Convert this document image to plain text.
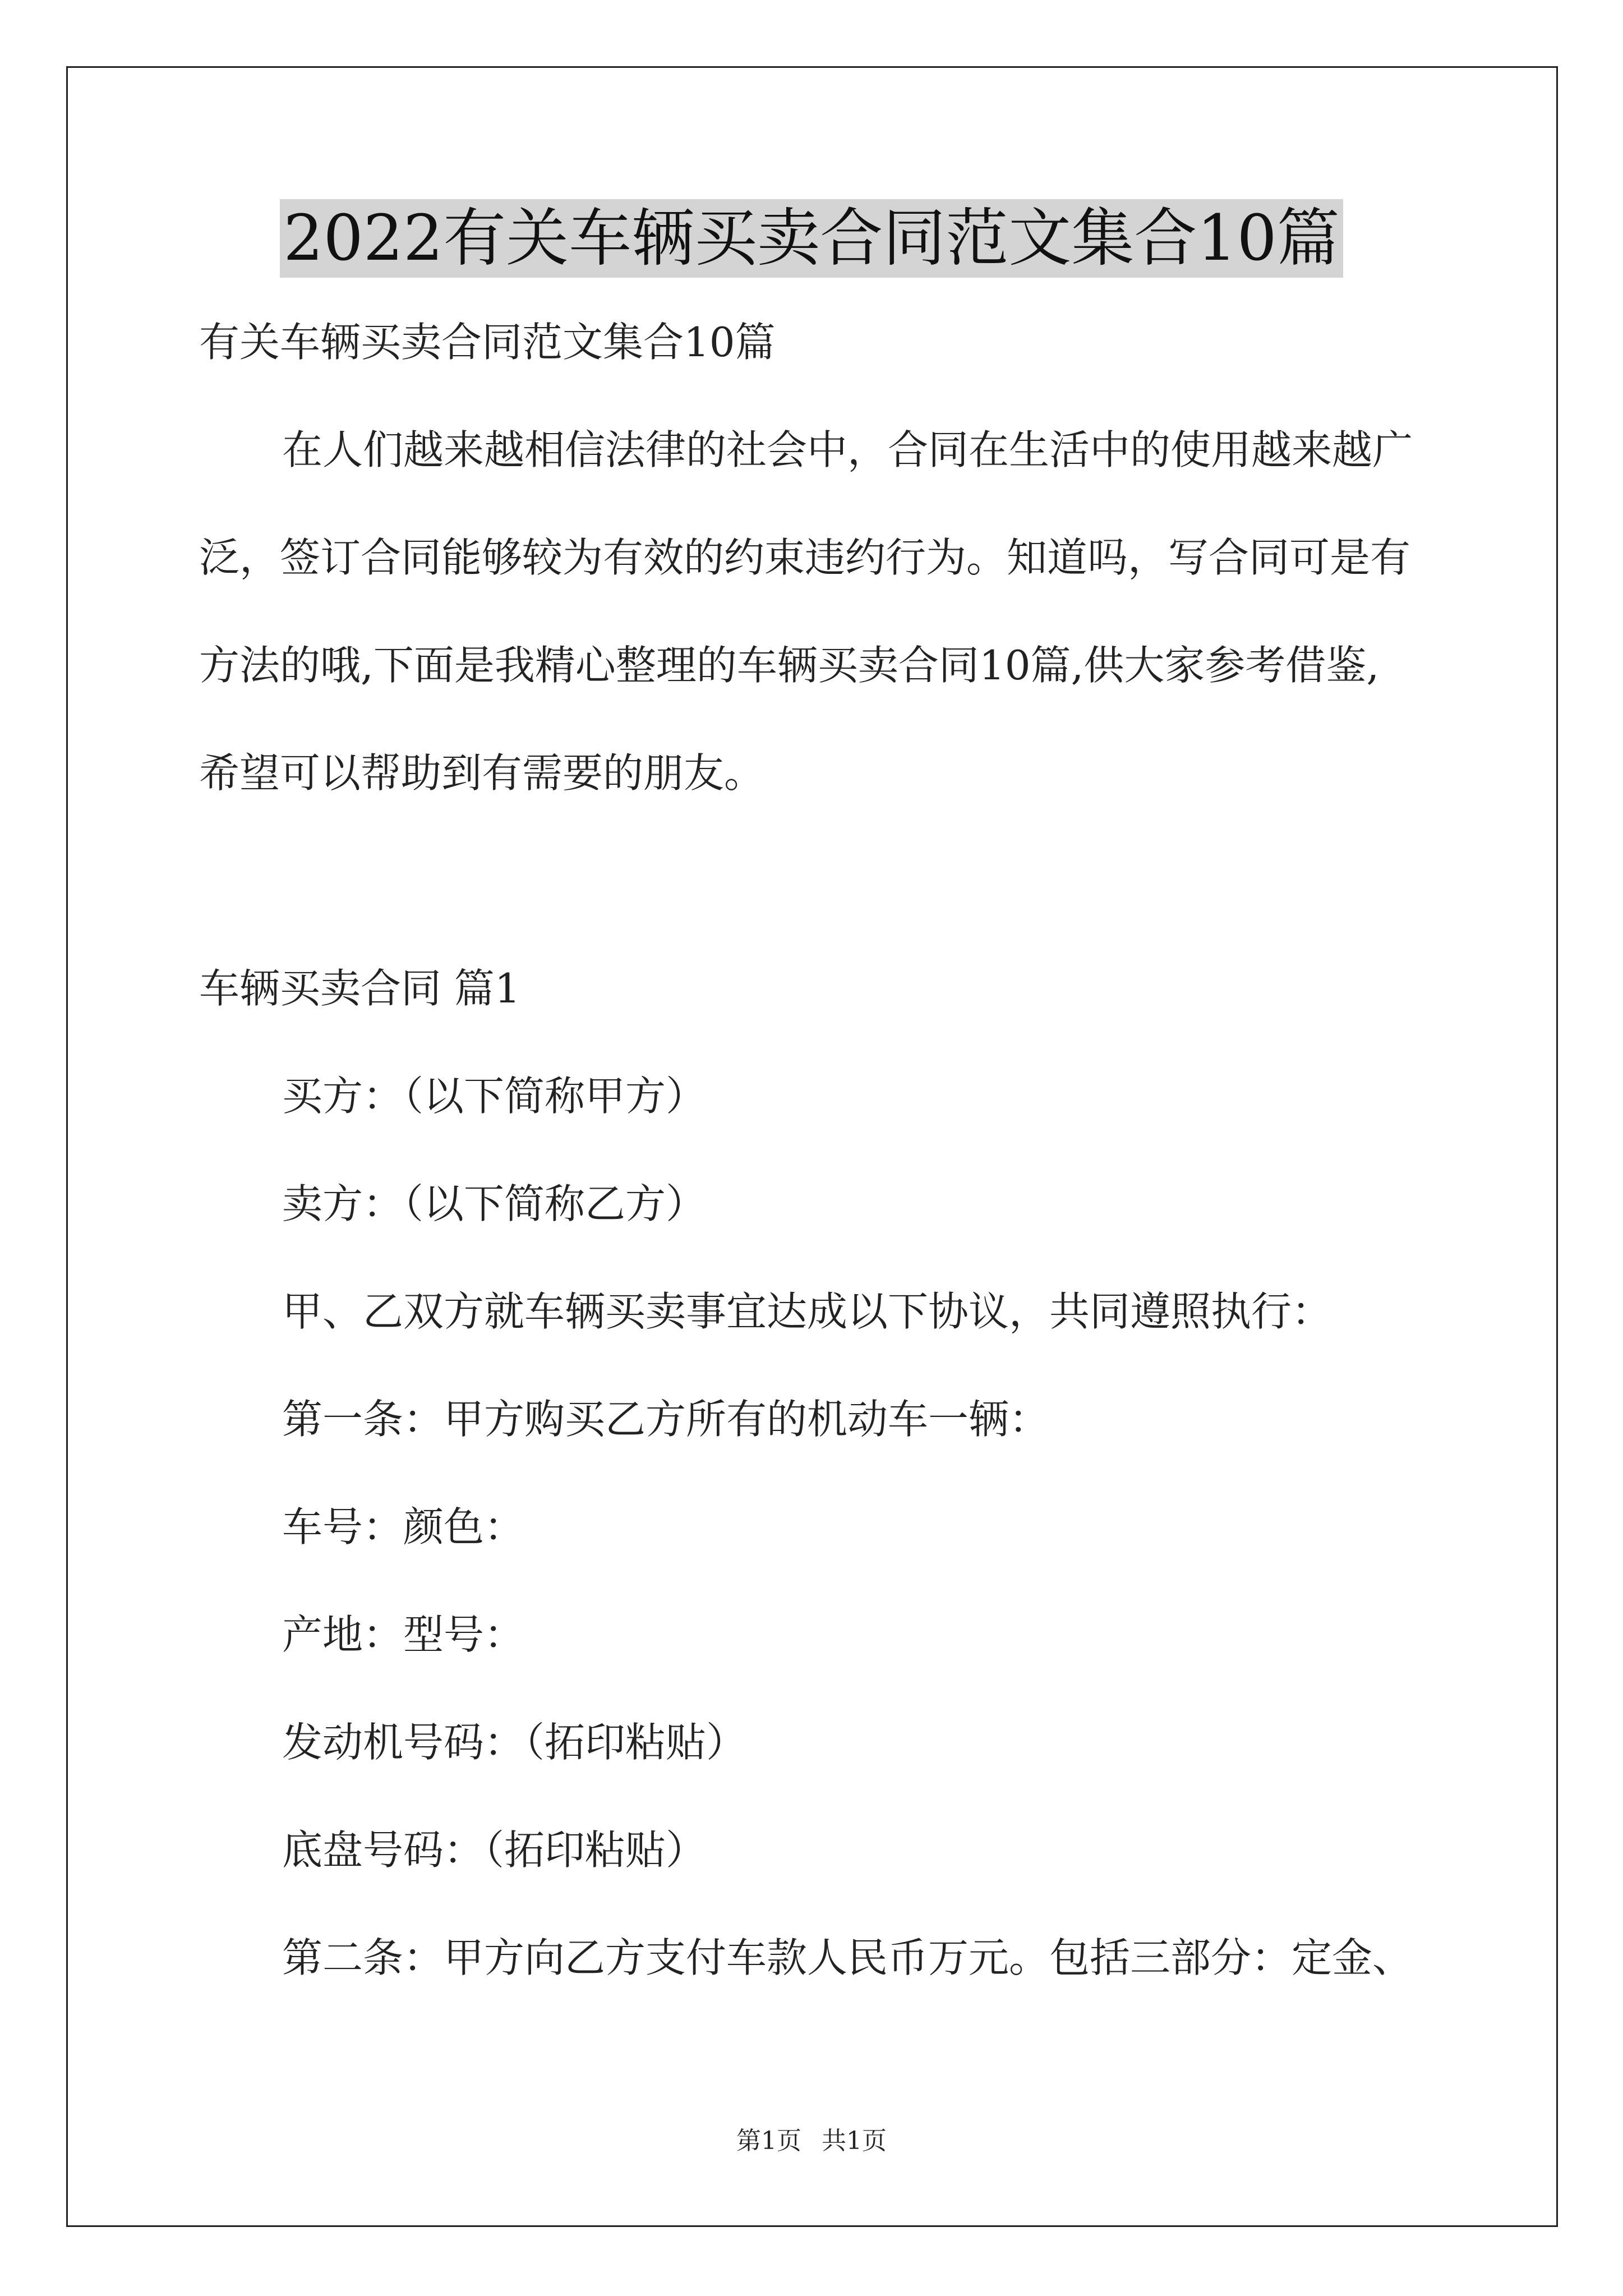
2022有关车辆买卖合同范文集合10篇
有关车辆买卖合同范文集合10篇
在人们越来越相信法律的社会中，合同在生活中的使用越来越广
泛，签订合同能够较为有效的约束违约行为。知道吗，写合同可是有
方法的哦,下面是我精心整理的车辆买卖合同10篇,供大家参考借鉴,
希望可以帮助到有需要的朋友。
车辆买卖合同 篇1
买方：（以下简称甲方）
卖方：（以下简称乙方）
甲、乙双方就车辆买卖事宜达成以下协议，共同遵照执行：
第一条：甲方购买乙方所有的机动车一辆：
车号：颜色：
产地：型号：
发动机号码：（拓印粘贴）
底盘号码：（拓印粘贴）
第二条：甲方向乙方支付车款人民币万元。包括三部分：定金、
第1页 共1页
